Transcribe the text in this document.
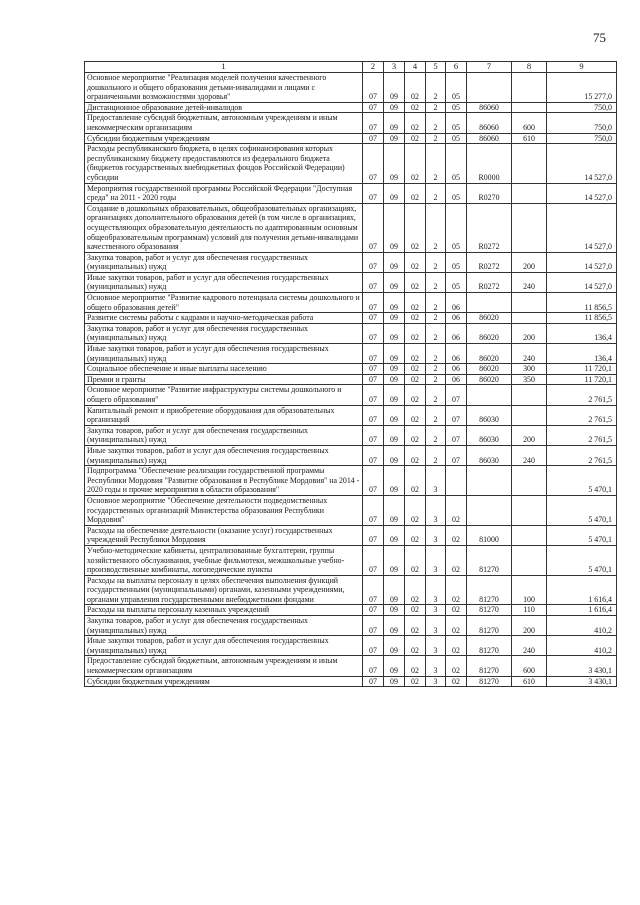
75
1	2	3	4	5	6	7	8	9
Основное мероприятие "Реализация моделей получения качественного дошкольного и общего образования детьми-инвалидами и лицами с ограниченными возможностями здоровья"	07	09	02	2	05			15 277,0
Дистанционное образование детей-инвалидов	07	09	02	2	05	86060		750,0
Предоставление субсидий бюджетным, автономным учреждениям и иным некоммерческим организациям	07	09	02	2	05	86060	600	750,0
Субсидии бюджетным учреждениям	07	09	02	2	05	86060	610	750,0
Расходы республиканского бюджета, в целях софинансирования которых республиканскому бюджету предоставляются из федерального бюджета (бюджетов государственных внебюджетных фондов Российской Федерации) субсидии	07	09	02	2	05	R0000		14 527,0
Мероприятия государственной программы Российской Федерации "Доступная среда" на 2011 - 2020 годы	07	09	02	2	05	R0270		14 527,0
Создание в дошкольных образовательных, общеобразовательных организациях, организациях дополнительного образования детей (в том числе в организациях, осуществляющих образовательную деятельность по адаптированным основным общеобразовательным программам) условий для получения детьми-инвалидами качественного образования	07	09	02	2	05	R0272		14 527,0
Закупка товаров, работ и услуг для обеспечения государственных (муниципальных) нужд	07	09	02	2	05	R0272	200	14 527,0
Иные закупки товаров, работ и услуг для обеспечения государственных (муниципальных) нужд	07	09	02	2	05	R0272	240	14 527,0
Основное мероприятие "Развитие кадрового потенциала системы дошкольного и общего образования детей"	07	09	02	2	06			11 856,5
Развитие системы работы с кадрами и научно-методическая работа	07	09	02	2	06	86020		11 856,5
Закупка товаров, работ и услуг для обеспечения государственных (муниципальных) нужд	07	09	02	2	06	86020	200	136,4
Иные закупки товаров, работ и услуг для обеспечения государственных (муниципальных) нужд	07	09	02	2	06	86020	240	136,4
Социальное обеспечение и иные выплаты населению	07	09	02	2	06	86020	300	11 720,1
Премии и гранты	07	09	02	2	06	86020	350	11 720,1
Основное мероприятие "Развитие инфраструктуры системы дошкольного и общего образования"	07	09	02	2	07			2 761,5
Капитальный ремонт и приобретение оборудования для образовательных организаций	07	09	02	2	07	86030		2 761,5
Закупка товаров, работ и услуг для обеспечения государственных (муниципальных) нужд	07	09	02	2	07	86030	200	2 761,5
Иные закупки товаров, работ и услуг для обеспечения государственных (муниципальных) нужд	07	09	02	2	07	86030	240	2 761,5
Подпрограмма "Обеспечение реализации государственной программы Республики Мордовия "Развитие образования в Республике Мордовия" на 2014 - 2020 годы и прочие мероприятия в области образования"	07	09	02	3				5 470,1
Основное мероприятие "Обеспечение деятельности подведомственных государственных организаций Министерства образования Республики Мордовия"	07	09	02	3	02			5 470,1
Расходы на обеспечение деятельности (оказание услуг) государственных учреждений Республики Мордовия	07	09	02	3	02	81000		5 470,1
Учебно-методические кабинеты, централизованные бухгалтерии, группы хозяйственного обслуживания, учебные фильмотеки, межшкольные учебно-производственные комбинаты, логопедические пункты	07	09	02	3	02	81270		5 470,1
Расходы на выплаты персоналу в целях обеспечения выполнения функций государственными (муниципальными) органами, казенными учреждениями, органами управления государственными внебюджетными фондами	07	09	02	3	02	81270	100	1 616,4
Расходы на выплаты персоналу казенных учреждений	07	09	02	3	02	81270	110	1 616,4
Закупка товаров, работ и услуг для обеспечения государственных (муниципальных) нужд	07	09	02	3	02	81270	200	410,2
Иные закупки товаров, работ и услуг для обеспечения государственных (муниципальных) нужд	07	09	02	3	02	81270	240	410,2
Предоставление субсидий бюджетным, автономным учреждениям и иным некоммерческим организациям	07	09	02	3	02	81270	600	3 430,1
Субсидии бюджетным учреждениям	07	09	02	3	02	81270	610	3 430,1
